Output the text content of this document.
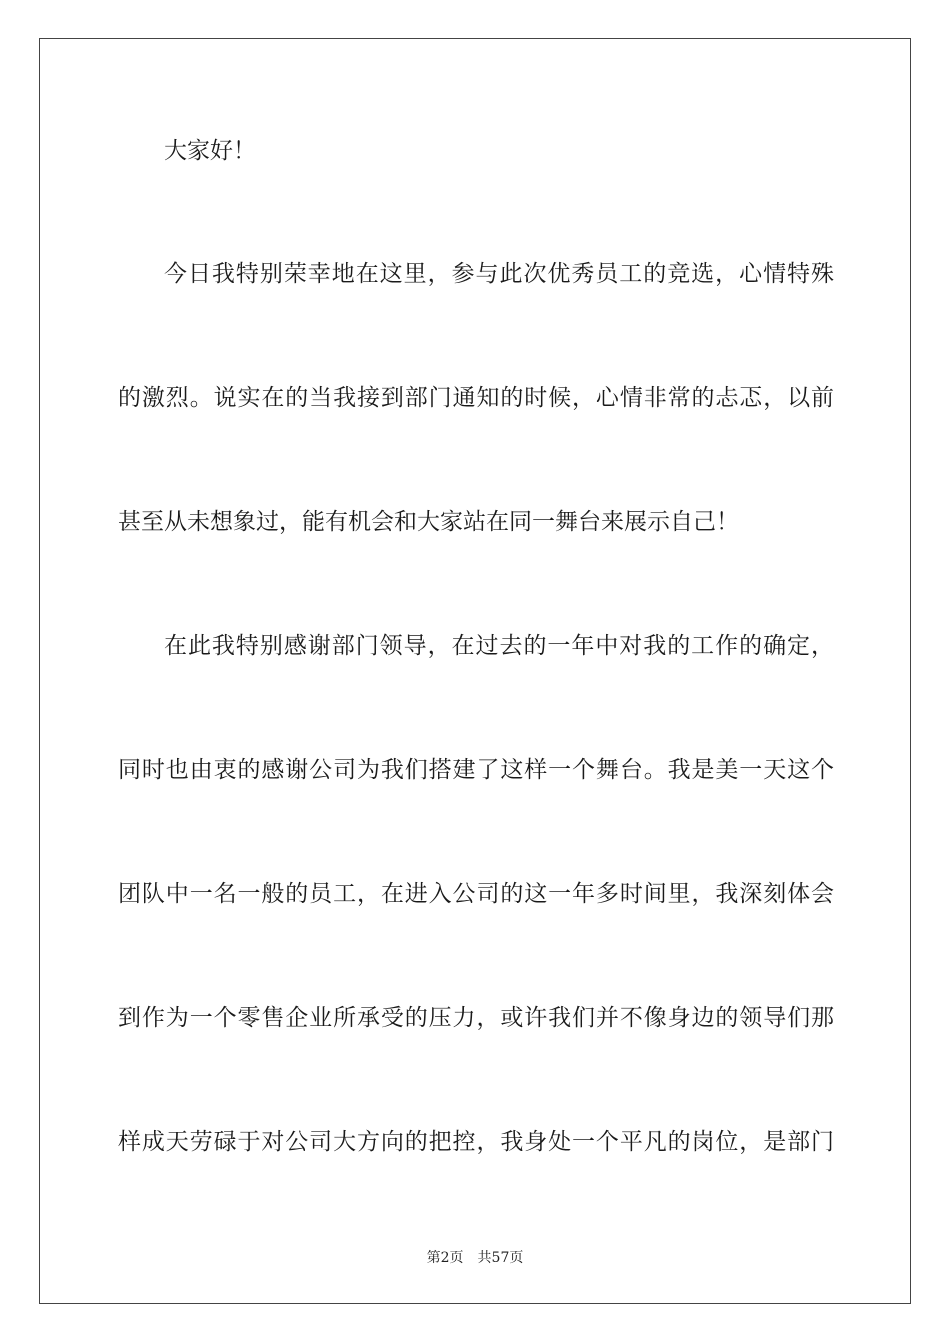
大家好！
今日我特别荣幸地在这里，参与此次优秀员工的竞选，心情特殊
的激烈。说实在的当我接到部门通知的时候，心情非常的忐忑，以前
甚至从未想象过，能有机会和大家站在同一舞台来展示自己！
在此我特别感谢部门领导，在过去的一年中对我的工作的确定，
同时也由衷的感谢公司为我们搭建了这样一个舞台。我是美一天这个
团队中一名一般的员工，在进入公司的这一年多时间里，我深刻体会
到作为一个零售企业所承受的压力，或许我们并不像身边的领导们那
样成天劳碌于对公司大方向的把控，我身处一个平凡的岗位，是部门
第2页 共57页
